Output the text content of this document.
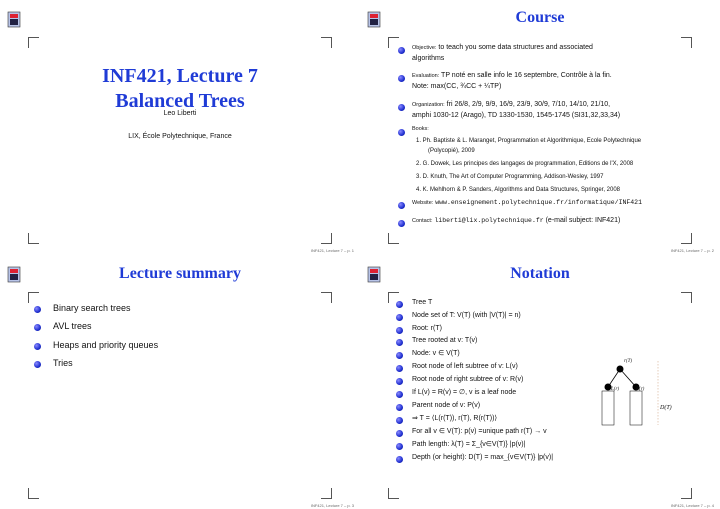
INF421, Lecture 7
Balanced Trees
Leo Liberti
LIX, École Polytechnique, France
INF421, Lecture 7 – p. 1
Course
Objective: to teach you some data structures and associated
algorithms
Evaluation: TP noté en salle info le 16 septembre, Contrôle à la fin.
Note: max(CC, ¾CC + ¼TP)
Organization: fri 26/8, 2/9, 9/9, 16/9, 23/9, 30/9, 7/10, 14/10, 21/10,
amphi 1030-12 (Arago), TD 1330-1530, 1545-1745 (SI31,32,33,34)
Books:
1. Ph. Baptiste & L. Maranget, Programmation et Algorithmique, Ecole Polytechnique
(Polycopié), 2009
2. G. Dowek, Les principes des langages de programmation, Editions de l'X, 2008
3. D. Knuth, The Art of Computer Programming, Addison-Wesley, 1997
4. K. Mehlhorn & P. Sanders, Algorithms and Data Structures, Springer, 2008
Website: www.enseignement.polytechnique.fr/informatique/INF421
Contact: liberti@lix.polytechnique.fr (e-mail subject: INF421)
INF421, Lecture 7 – p. 2
Lecture summary
Binary search trees
AVL trees
Heaps and priority queues
Tries
INF421, Lecture 7 – p. 3
Notation
Tree T
Node set of T: V(T) (with |V(T)| = n)
Root: r(T)
Tree rooted at v: T(v)
Node: v ∈ V(T)
Root node of left subtree of v: L(v)
Root node of right subtree of v: R(v)
If L(v) = R(v) = ∅, v is a leaf node
Parent node of v: P(v)
⇒ T = ⟨L(r(T)), r(T), R(r(T))⟩
For all v ∈ V(T): p(v) =unique path r(T) → v
Path length: λ(T) = Σ_{v∈V(T)} |p(v)|
Depth (or height): D(T) = max_{v∈V(T)} |p(v)|
r(T)
L(r)	R(r)
D(T)
INF421, Lecture 7 – p. 4
